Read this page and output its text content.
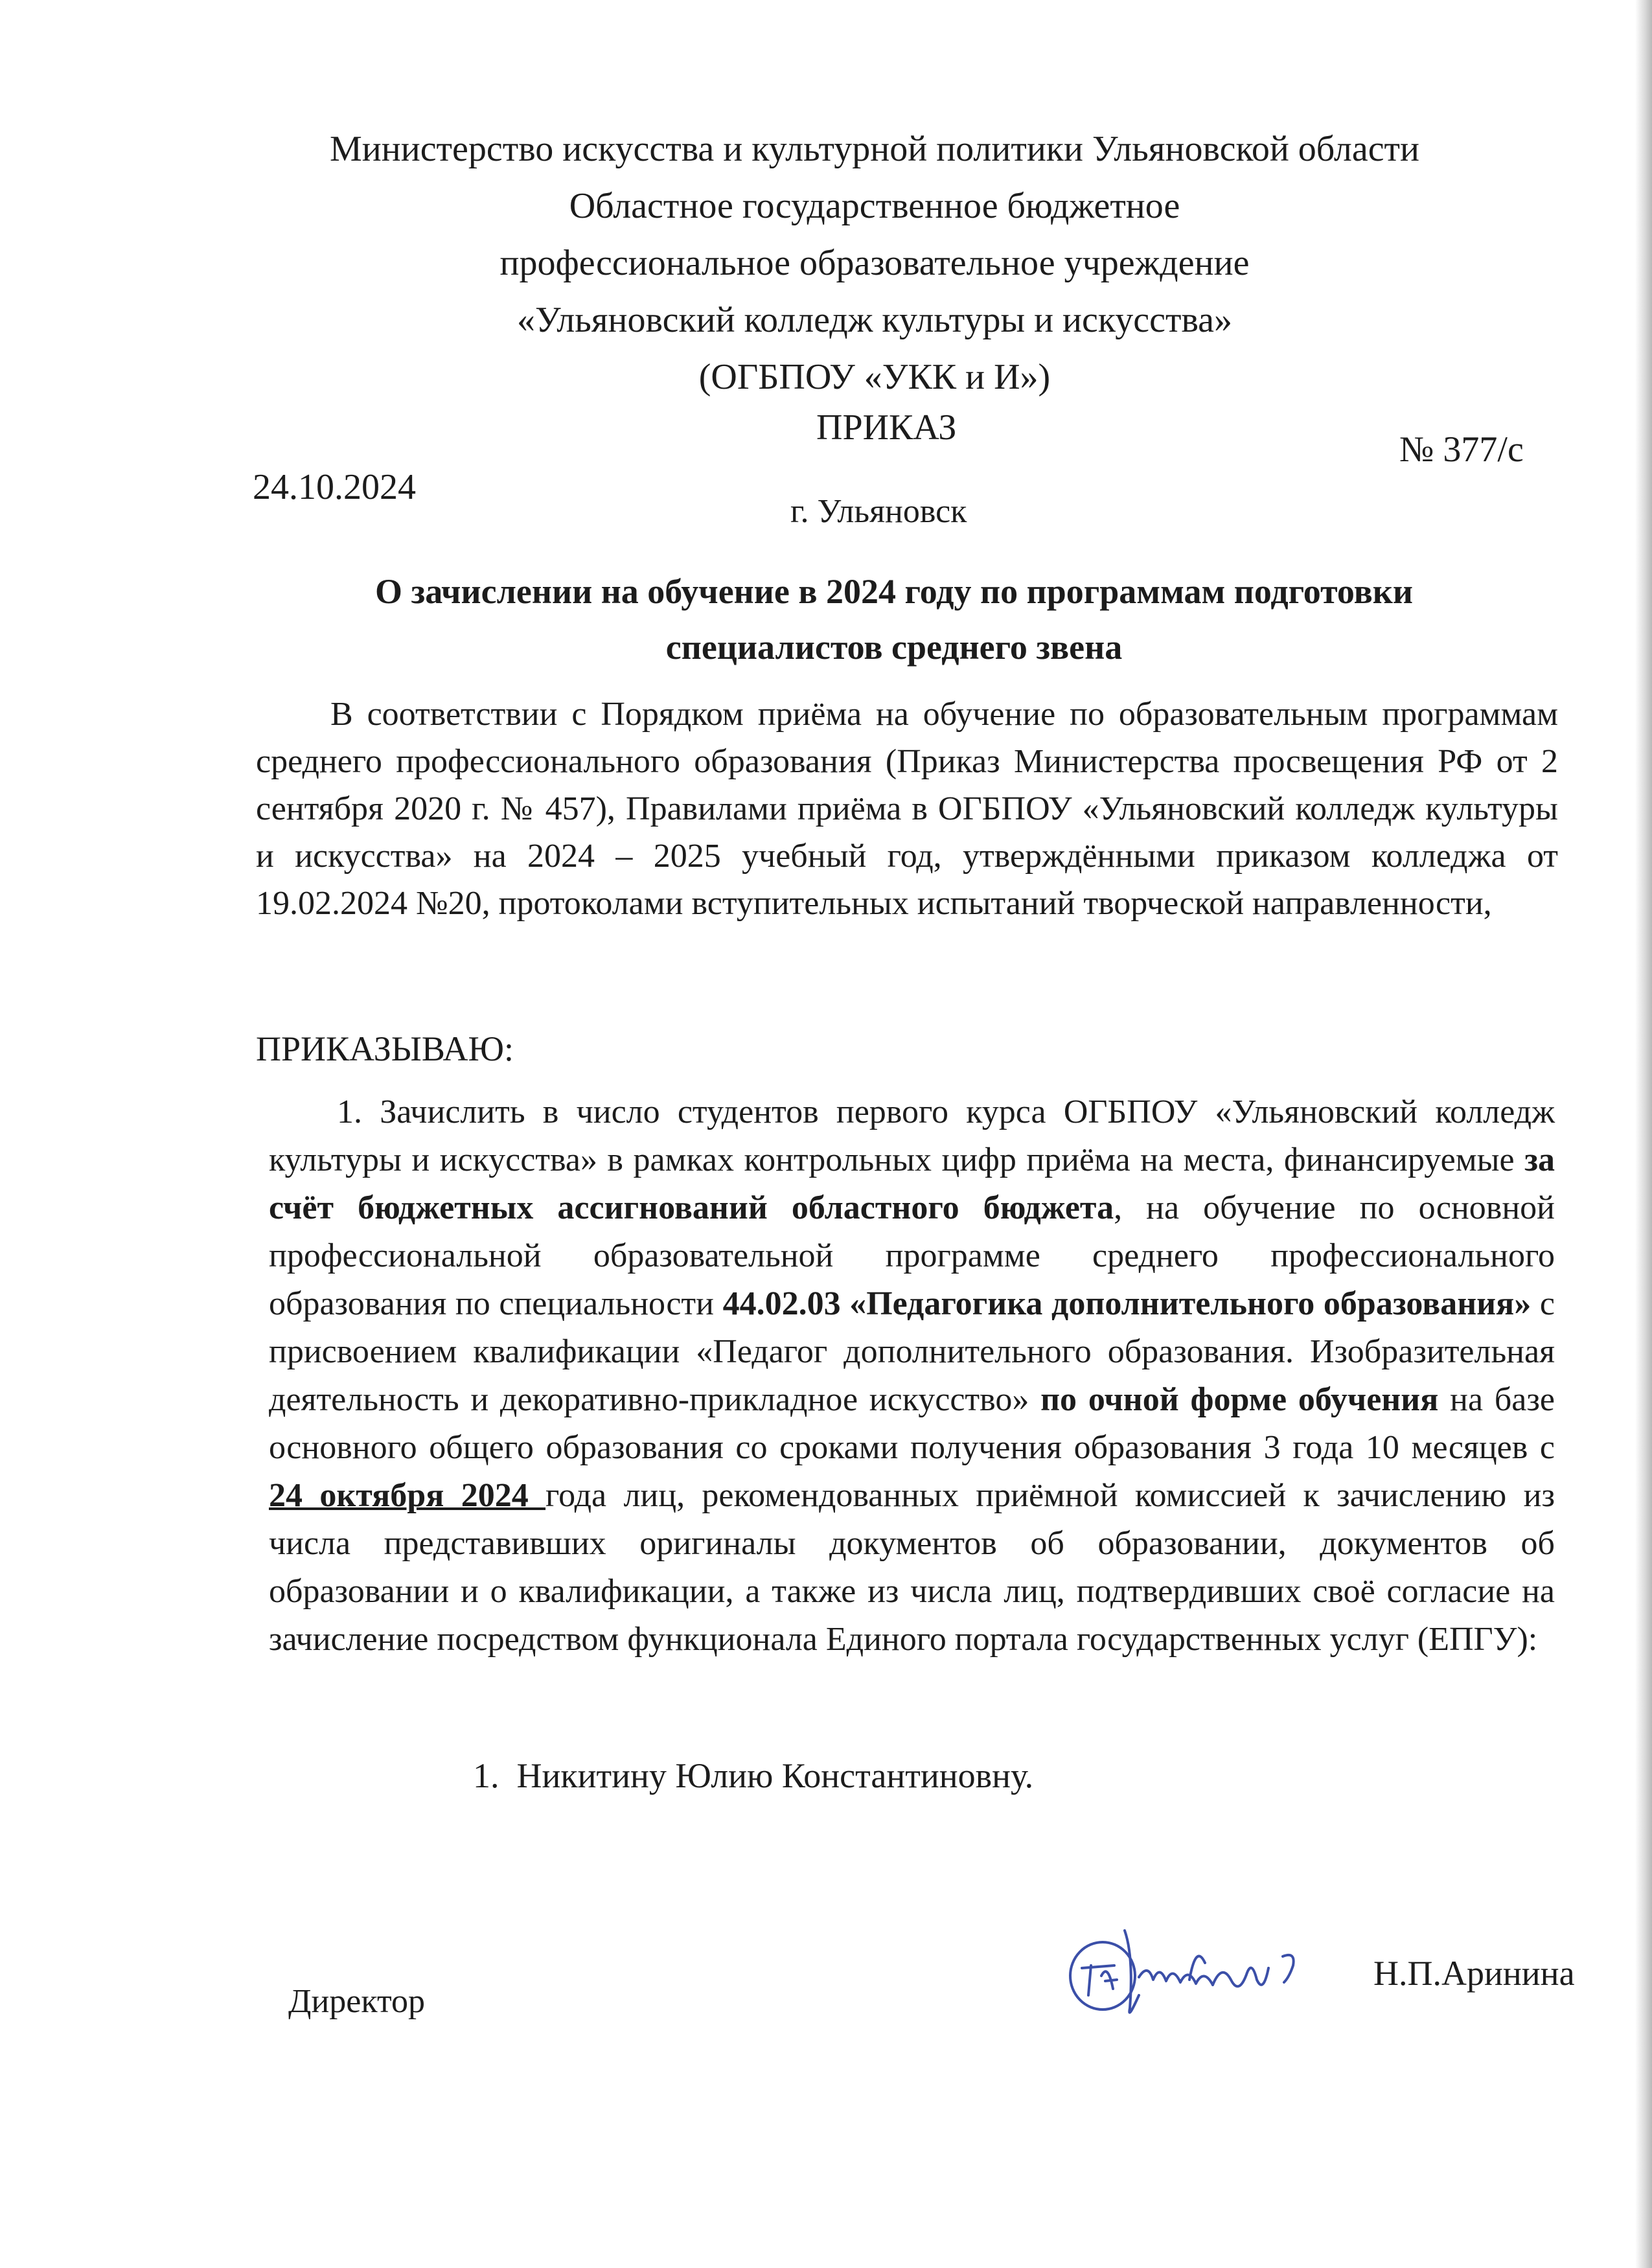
Министерство искусства и культурной политики Ульяновской области
Областное государственное бюджетное
профессиональное образовательное учреждение
«Ульяновский колледж культуры и искусства»
(ОГБПОУ «УКК и И»)
ПРИКАЗ
№ 377/с
24.10.2024
г. Ульяновск
О зачислении на обучение в 2024 году по программам подготовки
специалистов среднего звена
В соответствии с Порядком приёма на обучение по образовательным программам среднего профессионального образования (Приказ Министерства просвещения РФ от 2 сентября 2020 г. № 457), Правилами приёма в ОГБПОУ «Ульяновский колледж культуры и искусства» на 2024 – 2025 учебный год, утверждёнными приказом колледжа от 19.02.2024 №20, протоколами вступительных испытаний творческой направленности,
ПРИКАЗЫВАЮ:
1. Зачислить в число студентов первого курса ОГБПОУ «Ульяновский колледж культуры и искусства» в рамках контрольных цифр приёма на места, финансируемые за счёт бюджетных ассигнований областного бюджета, на обучение по основной профессиональной образовательной программе среднего профессионального образования по специальности 44.02.03 «Педагогика дополнительного образования» с присвоением квалификации «Педагог дополнительного образования. Изобразительная деятельность и декоративно-прикладное искусство» по очной форме обучения на базе основного общего образования со сроками получения образования 3 года 10 месяцев с 24 октября 2024 года лиц, рекомендованных приёмной комиссией к зачислению из числа представивших оригиналы документов об образовании, документов об образовании и о квалификации, а также из числа лиц, подтвердивших своё согласие на зачисление посредством функционала Единого портала государственных услуг (ЕПГУ):
1. Никитину Юлию Константиновну.
Директор
Н.П.Аринина
